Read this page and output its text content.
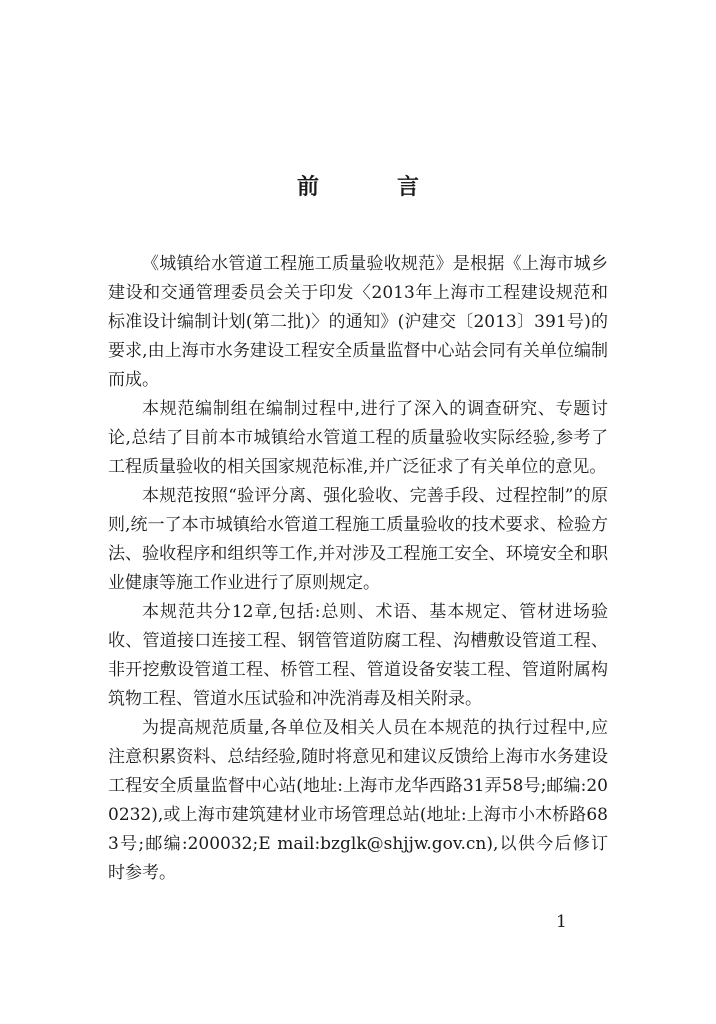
前　言

《城镇给水管道工程施工质量验收规范》是根据《上海市城乡建设和交通管理委员会关于印发〈2013年上海市工程建设规范和标准设计编制计划(第二批)〉的通知》(沪建交〔2013〕391号)的要求,由上海市水务建设工程安全质量监督中心站会同有关单位编制而成。

本规范编制组在编制过程中,进行了深入的调查研究、专题讨论,总结了目前本市城镇给水管道工程的质量验收实际经验,参考了工程质量验收的相关国家规范标准,并广泛征求了有关单位的意见。

本规范按照“验评分离、强化验收、完善手段、过程控制”的原则,统一了本市城镇给水管道工程施工质量验收的技术要求、检验方法、验收程序和组织等工作,并对涉及工程施工安全、环境安全和职业健康等施工作业进行了原则规定。

本规范共分12章,包括:总则、术语、基本规定、管材进场验收、管道接口连接工程、钢管管道防腐工程、沟槽敷设管道工程、非开挖敷设管道工程、桥管工程、管道设备安装工程、管道附属构筑物工程、管道水压试验和冲洗消毒及相关附录。

为提高规范质量,各单位及相关人员在本规范的执行过程中,应注意积累资料、总结经验,随时将意见和建议反馈给上海市水务建设工程安全质量监督中心站(地址:上海市龙华西路31弄58号;邮编:200232),或上海市建筑建材业市场管理总站(地址:上海市小木桥路683号;邮编:200032;E mail:bzglk@shjjw.gov.cn),以供今后修订时参考。

1
